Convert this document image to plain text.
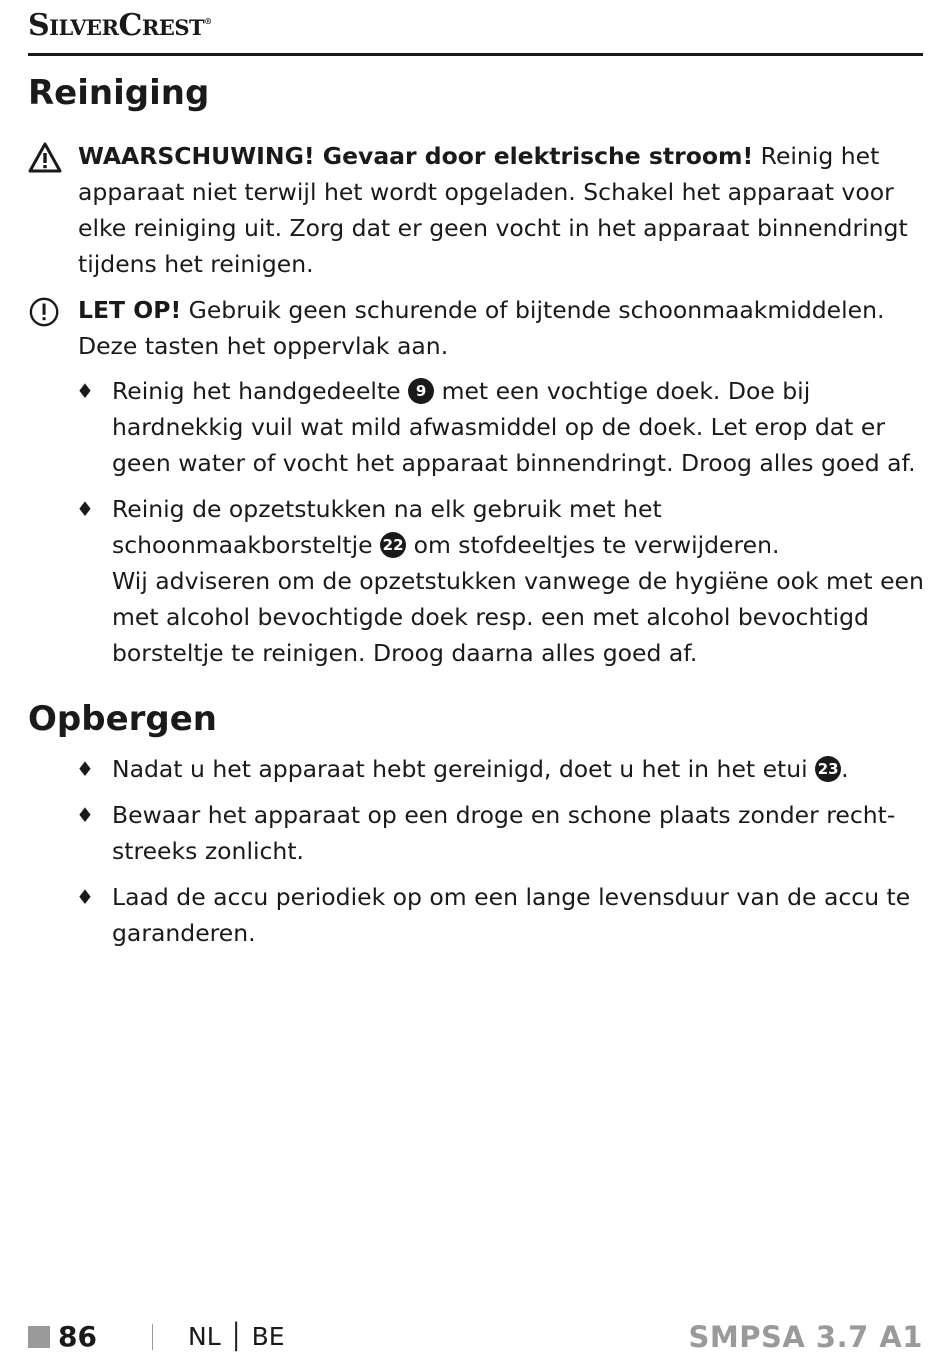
SilverCrest®
Reiniging
WAARSCHUWING! Gevaar door elektrische stroom! Reinig het apparaat niet terwijl het wordt opgeladen. Schakel het apparaat voor elke reiniging uit. Zorg dat er geen vocht in het apparaat binnendringt tijdens het reinigen.
LET OP! Gebruik geen schurende of bijtende schoonmaakmiddelen. Deze tasten het oppervlak aan.
♦ Reinig het handgedeelte 9 met een vochtige doek. Doe bij hardnekkig vuil wat mild afwasmiddel op de doek. Let erop dat er geen water of vocht het apparaat binnendringt. Droog alles goed af.
♦ Reinig de opzetstukken na elk gebruik met het schoonmaakborsteltje 22 om stofdeeltjes te verwijderen.
Wij adviseren om de opzetstukken vanwege de hygiëne ook met een met alcohol bevochtigde doek resp. een met alcohol bevochtigd borsteltje te reinigen. Droog daarna alles goed af.
Opbergen
♦ Nadat u het apparaat hebt gereinigd, doet u het in het etui 23 .
♦ Bewaar het apparaat op een droge en schone plaats zonder recht-streeks zonlicht.
♦ Laad de accu periodiek op om een lange levensduur van de accu te garanderen.
86	NL │ BE	SMPSA 3.7 A1
